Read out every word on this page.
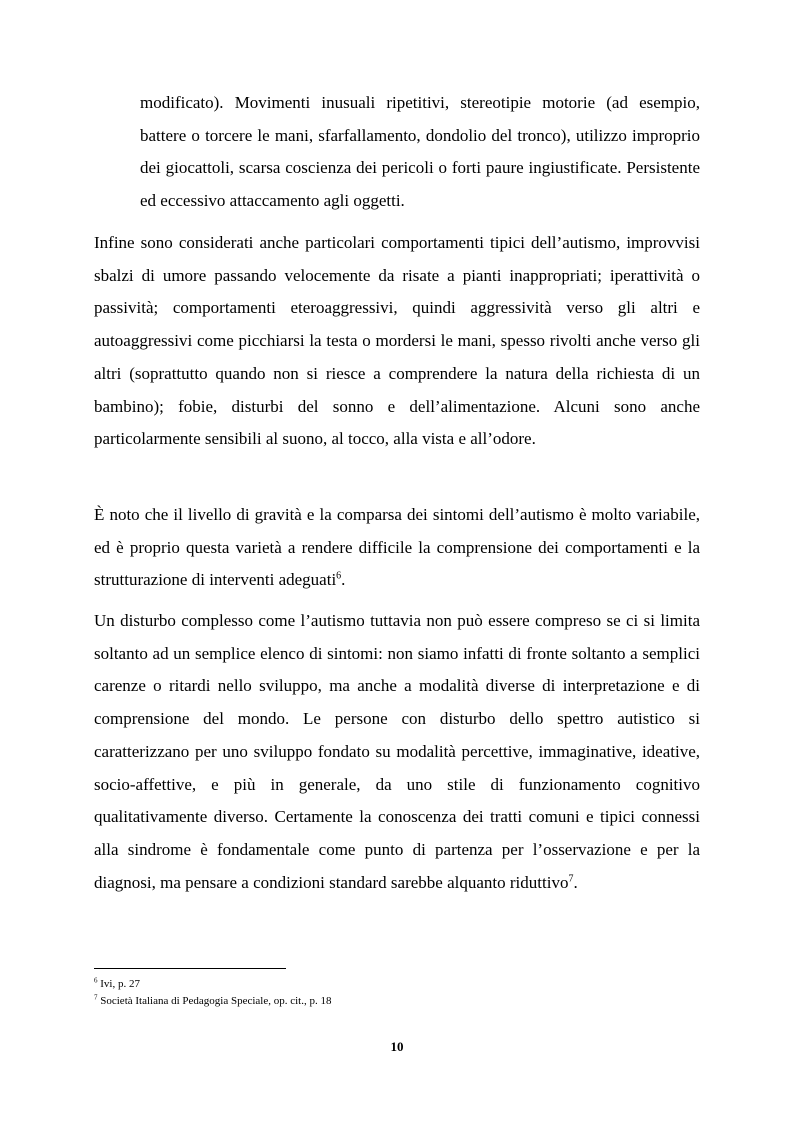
modificato). Movimenti inusuali ripetitivi, stereotipie motorie (ad esempio, battere o torcere le mani, sfarfallamento, dondolio del tronco), utilizzo improprio dei giocattoli, scarsa coscienza dei pericoli o forti paure ingiustificate. Persistente ed eccessivo attaccamento agli oggetti.

Infine sono considerati anche particolari comportamenti tipici dell’autismo, improvvisi sbalzi di umore passando velocemente da risate a pianti inappropriati; iperattività o passività; comportamenti eteroaggressivi, quindi aggressività verso gli altri e autoaggressivi come picchiarsi la testa o mordersi le mani, spesso rivolti anche verso gli altri (soprattutto quando non si riesce a comprendere la natura della richiesta di un bambino); fobie, disturbi del sonno e dell’alimentazione. Alcuni sono anche particolarmente sensibili al suono, al tocco, alla vista e all’odore.

È noto che il livello di gravità e la comparsa dei sintomi dell’autismo è molto variabile, ed è proprio questa varietà a rendere difficile la comprensione dei comportamenti e la strutturazione di interventi adeguati$^6$.

Un disturbo complesso come l’autismo tuttavia non può essere compreso se ci si limita soltanto ad un semplice elenco di sintomi: non siamo infatti di fronte soltanto a semplici carenze o ritardi nello sviluppo, ma anche a modalità diverse di interpretazione e di comprensione del mondo. Le persone con disturbo dello spettro autistico si caratterizzano per uno sviluppo fondato su modalità percettive, immaginative, ideative, socio-affettive, e più in generale, da uno stile di funzionamento cognitivo qualitativamente diverso. Certamente la conoscenza dei tratti comuni e tipici connessi alla sindrome è fondamentale come punto di partenza per l’osservazione e per la diagnosi, ma pensare a condizioni standard sarebbe alquanto riduttivo$^7$.

$^6$ Ivi, p. 27

$^7$ Società Italiana di Pedagogia Speciale, op. cit., p. 18

10
